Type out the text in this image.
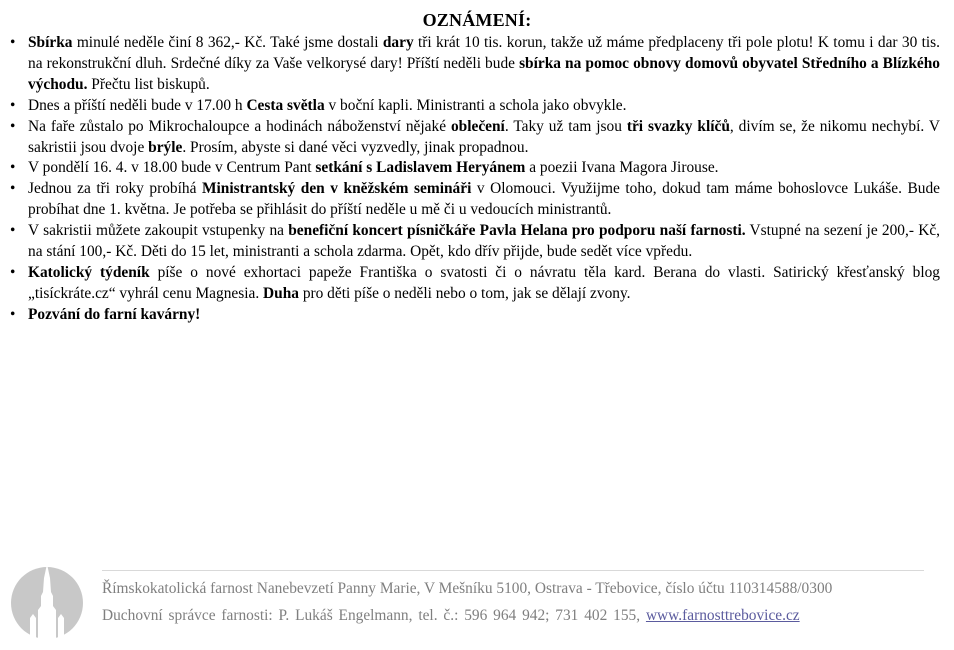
OZNÁMENÍ:
• Sbírka minulé neděle činí 8 362,- Kč. Také jsme dostali dary tři krát 10 tis. korun, takže už máme předplaceny tři pole plotu! K tomu i dar 30 tis. na rekonstrukční dluh. Srdečné díky za Vaše velkorysé dary! Příští neděli bude sbírka na pomoc obnovy domovů obyvatel Středního a Blízkého východu. Přečtu list biskupů.
• Dnes a příští neděli bude v 17.00 h Cesta světla v boční kapli. Ministranti a schola jako obvykle.
• Na faře zůstalo po Mikrochaloupce a hodinách náboženství nějaké oblečení. Taky už tam jsou tři svazky klíčů, divím se, že nikomu nechybí. V sakristii jsou dvoje brýle. Prosím, abyste si dané věci vyzvedly, jinak propadnou.
• V pondělí 16. 4. v 18.00 bude v Centrum Pant setkání s Ladislavem Heryánem a poezii Ivana Magora Jirouse.
• Jednou za tři roky probíhá Ministrantský den v kněžském semináři v Olomouci. Využijme toho, dokud tam máme bohoslovce Lukáše. Bude probíhat dne 1. května. Je potřeba se přihlásit do příští neděle u mě či u vedoucích ministrantů.
• V sakristii můžete zakoupit vstupenky na benefiční koncert písničkáře Pavla Helana pro podporu naší farnosti. Vstupné na sezení je 200,- Kč, na stání 100,- Kč. Děti do 15 let, ministranti a schola zdarma. Opět, kdo dřív přijde, bude sedět více vpředu.
• Katolický týdeník píše o nové exhortaci papeže Františka o svatosti či o návratu těla kard. Berana do vlasti. Satirický křesťanský blog „tisíckráte.cz“ vyhrál cenu Magnesia. Duha pro děti píše o neděli nebo o tom, jak se dělají zvony.
• Pozvání do farní kavárny!
Římskokatolická farnost Nanebevzetí Panny Marie, V Mešníku 5100, Ostrava - Třebovice, číslo účtu 110314588/0300
Duchovní správce farnosti: P. Lukáš Engelmann, tel. č.: 596 964 942; 731 402 155, www.farnosttrebovice.cz
